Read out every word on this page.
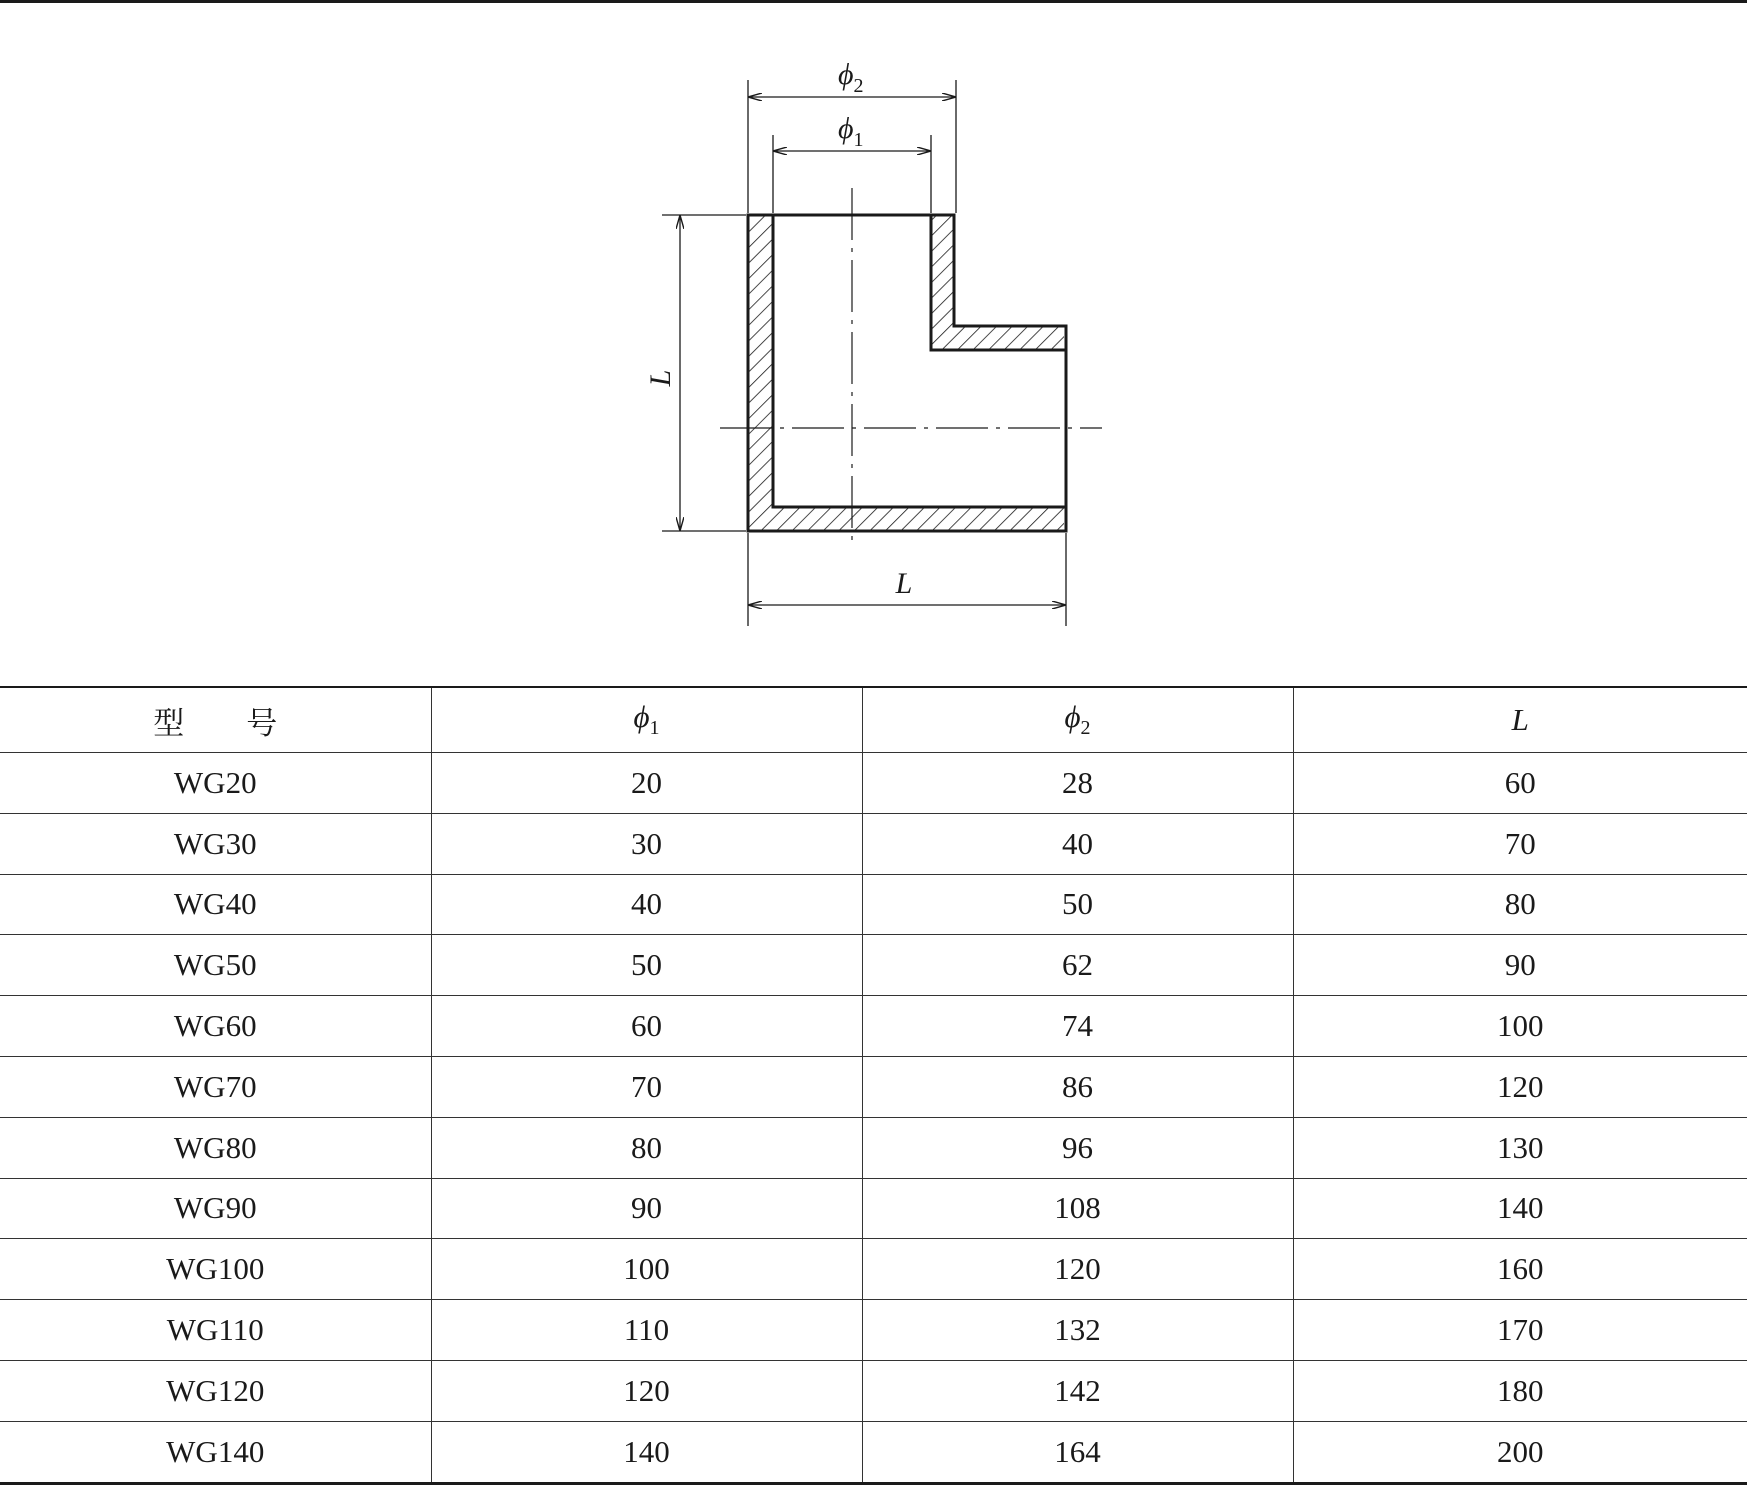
$\phi_2$
$\phi_1$
L
L
型　　号	$\phi_1$	$\phi_2$	L
WG20	20	28	60
WG30	30	40	70
WG40	40	50	80
WG50	50	62	90
WG60	60	74	100
WG70	70	86	120
WG80	80	96	130
WG90	90	108	140
WG100	100	120	160
WG110	110	132	170
WG120	120	142	180
WG140	140	164	200
